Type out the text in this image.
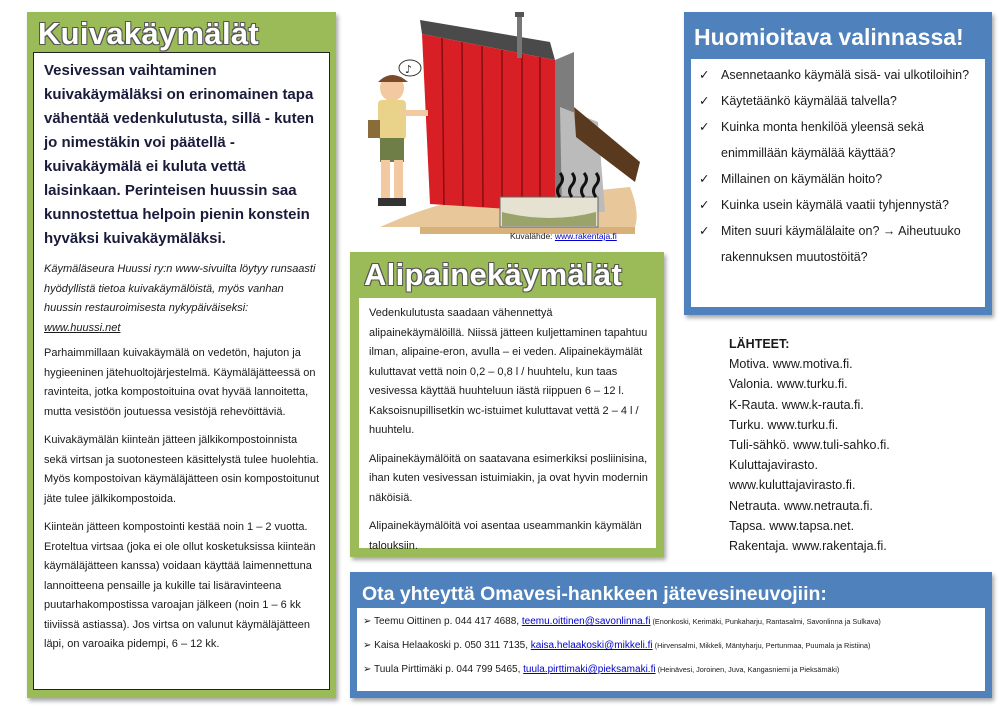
Kuivakäymälät

Vesivessan vaihtaminen kuivakäymäläksi on erinomainen tapa vähentää vedenkulutusta, sillä - kuten jo nimestäkin voi päätellä - kuivakäymälä ei kuluta vettä laisinkaan. Perinteisen huussin saa kunnostettua helpoin pienin konstein hyväksi kuivakäymäläksi.

Käymäläseura Huussi ry:n www-sivuilta löytyy runsaasti hyödyllistä tietoa kuivakäymälöistä, myös vanhan huussin restauroimisesta nykypäiväiseksi:
www.huussi.net

Parhaimmillaan kuivakäymälä on vedetön, hajuton ja hygieeninen jätehuoltojärjestelmä. Käymäläjätteessä on ravinteita, jotka kompostoituina ovat hyvää lannoitetta, mutta vesistöön joutuessa vesistöjä rehevöittäviä.

Kuivakäymälän kiinteän jätteen jälkikompostoinnista sekä virtsan ja suotonesteen käsittelystä tulee huolehtia. Myös kompostoivan käymäläjätteen osin kompostoitunut jäte tulee jälkikompostoida.

Kiinteän jätteen kompostointi kestää noin 1 – 2 vuotta. Eroteltua virtsaa (joka ei ole ollut kosketuksissa kiinteän käymäläjätteen kanssa) voidaan käyttää laimennettuna lannoitteena pensaille ja kukille tai lisäravinteena puutarhakompostissa varoajan jälkeen (noin 1 – 6 kk tiiviissä astiassa). Jos virtsa on valunut käymäläjätteen läpi, on varoaika pidempi, 6 – 12 kk.

♪
Kuvalähde: www.rakentaja.fi
Alipainekäymälät

Vedenkulutusta saadaan vähennettyä alipainekäymälöillä. Niissä jätteen kuljettaminen tapahtuu ilman, alipaine-eron, avulla – ei veden. Alipainekäymälät kuluttavat vettä noin 0,2 – 0,8 l / huuhtelu, kun taas vesivessa käyttää huuhteluun iästä riippuen 6 – 12 l. Kaksoisnupillisetkin wc-istuimet kuluttavat vettä 2 – 4 l / huuhtelu.

Alipainekäymälöitä on saatavana esimerkiksi posliinisina, ihan kuten vesivessan istuimiakin, ja ovat hyvin modernin näköisiä.

Alipainekäymälöitä voi asentaa useammankin käymälän talouksiin.

Huomioitava valinnassa!
✓ Asennetaanko käymälä sisä- vai ulkotiloihin?
✓ Käytetäänkö käymälää talvella?
✓ Kuinka monta henkilöä yleensä sekä enimmillään käymälää käyttää?
✓ Millainen on käymälän hoito?
✓ Kuinka usein käymälä vaatii tyhjennystä?
✓ Miten suuri käymälälaite on? → Aiheutuuko rakennuksen muutostöitä?
LÄHTEET:
Motiva. www.motiva.fi.
Valonia. www.turku.fi.
K-Rauta. www.k-rauta.fi.
Turku. www.turku.fi.
Tuli-sähkö. www.tuli-sahko.fi.
Kuluttajavirasto.
www.kuluttajavirasto.fi.
Netrauta. www.netrauta.fi.
Tapsa. www.tapsa.net.
Rakentaja. www.rakentaja.fi.
Ota yhteyttä Omavesi-hankkeen jätevesineuvojiin:
➢ Teemu Oittinen p. 044 417 4688, teemu.oittinen@savonlinna.fi (Enonkoski, Kerimäki, Punkaharju, Rantasalmi, Savonlinna ja Sulkava)
➢ Kaisa Helaakoski p. 050 311 7135, kaisa.helaakoski@mikkeli.fi (Hirvensalmi, Mikkeli, Mäntyharju, Pertunmaa, Puumala ja Ristiina)
➢ Tuula Pirttimäki p. 044 799 5465, tuula.pirttimaki@pieksamaki.fi (Heinävesi, Joroinen, Juva, Kangasniemi ja Pieksämäki)
